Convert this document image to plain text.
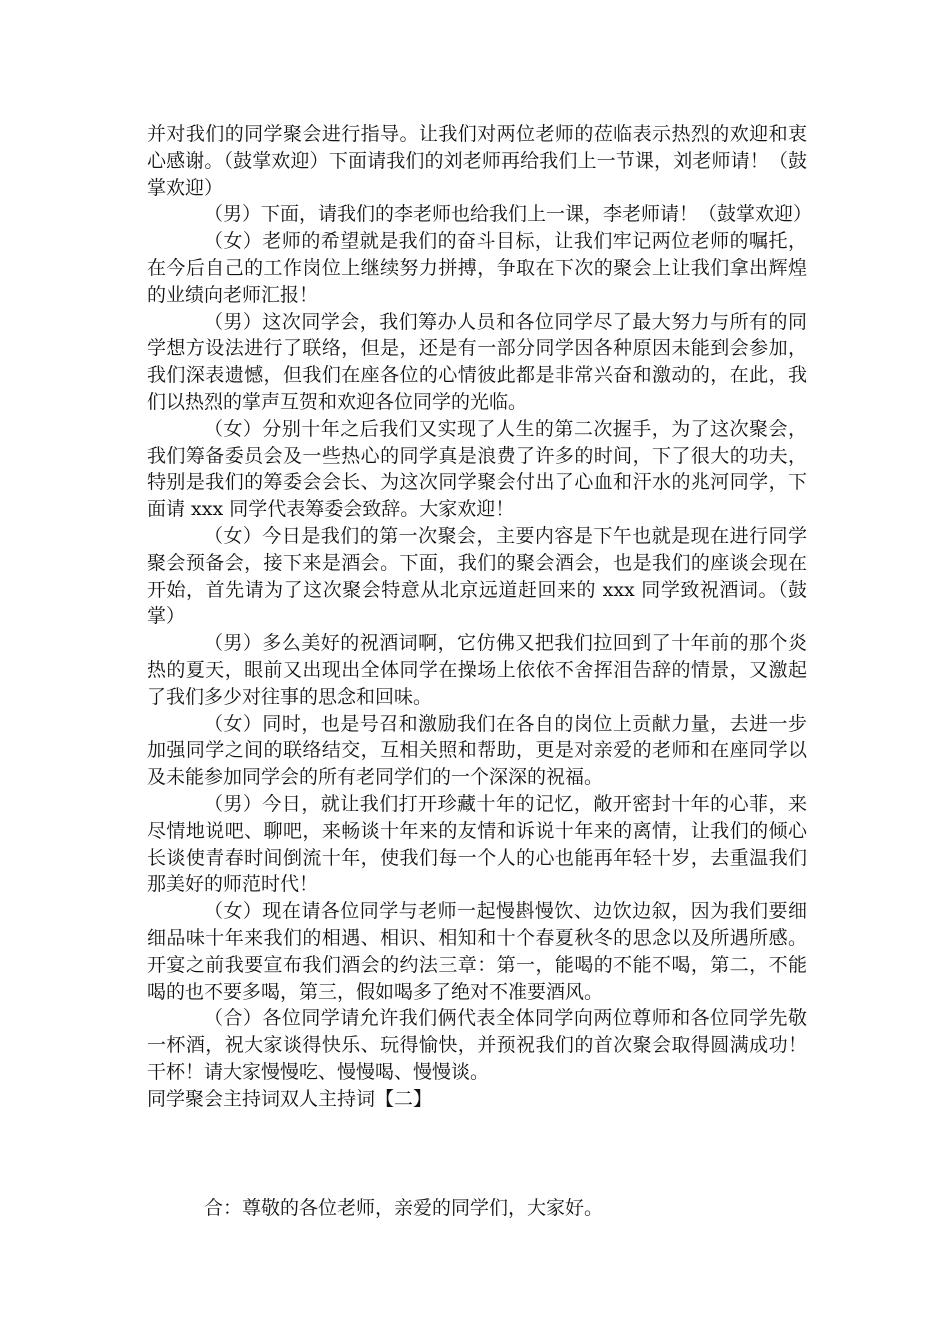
并对我们的同学聚会进行指导。让我们对两位老师的莅临表示热烈的欢迎和衷心感谢。（鼓掌欢迎）下面请我们的刘老师再给我们上一节课，刘老师请！（鼓掌欢迎）

（男）下面，请我们的李老师也给我们上一课，李老师请！（鼓掌欢迎）

（女）老师的希望就是我们的奋斗目标，让我们牢记两位老师的嘱托，在今后自己的工作岗位上继续努力拼搏，争取在下次的聚会上让我们拿出辉煌的业绩向老师汇报！

（男）这次同学会，我们筹办人员和各位同学尽了最大努力与所有的同学想方设法进行了联络，但是，还是有一部分同学因各种原因未能到会参加，我们深表遗憾，但我们在座各位的心情彼此都是非常兴奋和激动的，在此，我们以热烈的掌声互贺和欢迎各位同学的光临。

（女）分别十年之后我们又实现了人生的第二次握手，为了这次聚会，我们筹备委员会及一些热心的同学真是浪费了许多的时间，下了很大的功夫，特别是我们的筹委会会长、为这次同学聚会付出了心血和汗水的兆河同学，下面请 xxx 同学代表筹委会致辞。大家欢迎！

（女）今日是我们的第一次聚会，主要内容是下午也就是现在进行同学聚会预备会，接下来是酒会。下面，我们的聚会酒会，也是我们的座谈会现在开始，首先请为了这次聚会特意从北京远道赶回来的 xxx 同学致祝酒词。（鼓掌）

（男）多么美好的祝酒词啊，它仿佛又把我们拉回到了十年前的那个炎热的夏天，眼前又出现出全体同学在操场上依依不舍挥泪告辞的情景，又激起了我们多少对往事的思念和回味。

（女）同时，也是号召和激励我们在各自的岗位上贡献力量，去进一步加强同学之间的联络结交，互相关照和帮助，更是对亲爱的老师和在座同学以及未能参加同学会的所有老同学们的一个深深的祝福。

（男）今日，就让我们打开珍藏十年的记忆，敞开密封十年的心菲，来尽情地说吧、聊吧，来畅谈十年来的友情和诉说十年来的离情，让我们的倾心长谈使青春时间倒流十年，使我们每一个人的心也能再年轻十岁，去重温我们那美好的师范时代！

（女）现在请各位同学与老师一起慢斟慢饮、边饮边叙，因为我们要细细品味十年来我们的相遇、相识、相知和十个春夏秋冬的思念以及所遇所感。开宴之前我要宣布我们酒会的约法三章：第一，能喝的不能不喝，第二，不能喝的也不要多喝，第三，假如喝多了绝对不准要酒风。

（合）各位同学请允许我们俩代表全体同学向两位尊师和各位同学先敬一杯酒，祝大家谈得快乐、玩得愉快，并预祝我们的首次聚会取得圆满成功！干杯！请大家慢慢吃、慢慢喝、慢慢谈。

同学聚会主持词双人主持词【二】

合：尊敬的各位老师，亲爱的同学们，大家好。
